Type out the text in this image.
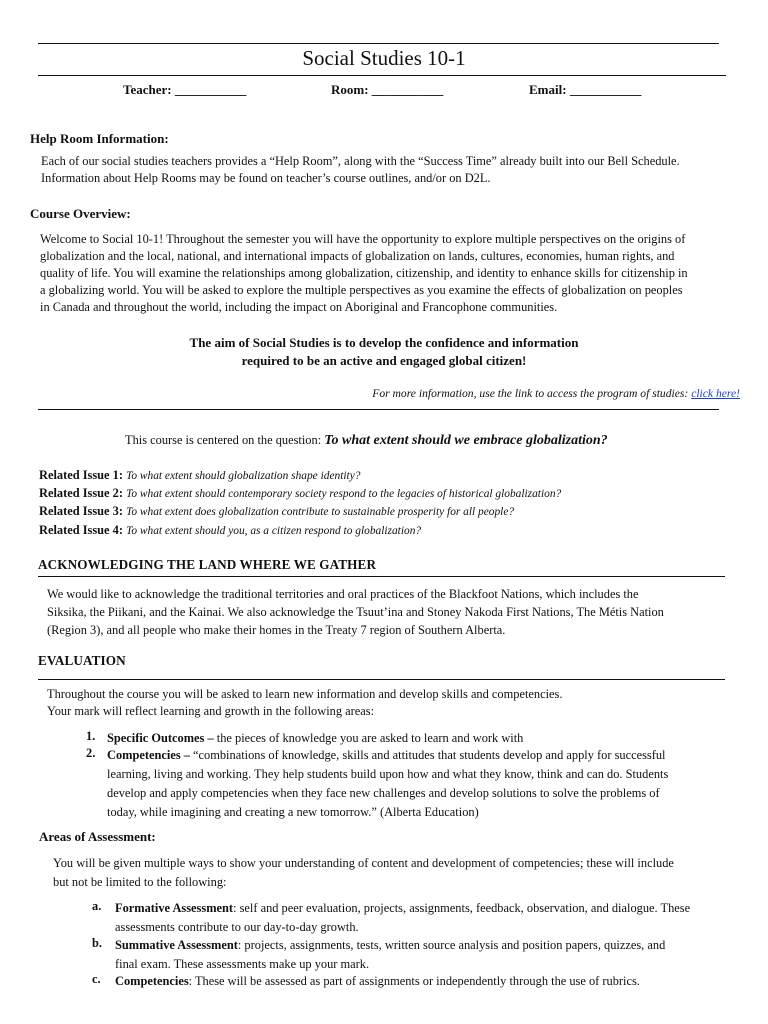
Social Studies 10-1
Teacher: ___________	Room: ___________	Email: ___________
Help Room Information:
Each of our social studies teachers provides a “Help Room”, along with the “Success Time” already built into our Bell Schedule.
Information about Help Rooms may be found on teacher’s course outlines, and/or on D2L.
Course Overview:
Welcome to Social 10-1! Throughout the semester you will have the opportunity to explore multiple perspectives on the origins of
globalization and the local, national, and international impacts of globalization on lands, cultures, economies, human rights, and
quality of life. You will examine the relationships among globalization, citizenship, and identity to enhance skills for citizenship in
a globalizing world. You will be asked to explore the multiple perspectives as you examine the effects of globalization on peoples
in Canada and throughout the world, including the impact on Aboriginal and Francophone communities.
The aim of Social Studies is to develop the confidence and information
required to be an active and engaged global citizen!
For more information, use the link to access the program of studies: click here!
This course is centered on the question: To what extent should we embrace globalization?
Related Issue 1: To what extent should globalization shape identity?
Related Issue 2: To what extent should contemporary society respond to the legacies of historical globalization?
Related Issue 3: To what extent does globalization contribute to sustainable prosperity for all people?
Related Issue 4: To what extent should you, as a citizen respond to globalization?
ACKNOWLEDGING THE LAND WHERE WE GATHER
We would like to acknowledge the traditional territories and oral practices of the Blackfoot Nations, which includes the
Siksika, the Piikani, and the Kainai. We also acknowledge the Tsuut’ina and Stoney Nakoda First Nations, The Métis Nation
(Region 3), and all people who make their homes in the Treaty 7 region of Southern Alberta.
EVALUATION
Throughout the course you will be asked to learn new information and develop skills and competencies.
Your mark will reflect learning and growth in the following areas:
1. Specific Outcomes – the pieces of knowledge you are asked to learn and work with
2. Competencies – “combinations of knowledge, skills and attitudes that students develop and apply for successful
learning, living and working. They help students build upon how and what they know, think and can do. Students
develop and apply competencies when they face new challenges and develop solutions to solve the problems of
today, while imagining and creating a new tomorrow.” (Alberta Education)
Areas of Assessment:
You will be given multiple ways to show your understanding of content and development of competencies; these will include
but not be limited to the following:
a. Formative Assessment: self and peer evaluation, projects, assignments, feedback, observation, and dialogue. These
assessments contribute to our day-to-day growth.
b. Summative Assessment: projects, assignments, tests, written source analysis and position papers, quizzes, and
final exam. These assessments make up your mark.
c. Competencies: These will be assessed as part of assignments or independently through the use of rubrics.
